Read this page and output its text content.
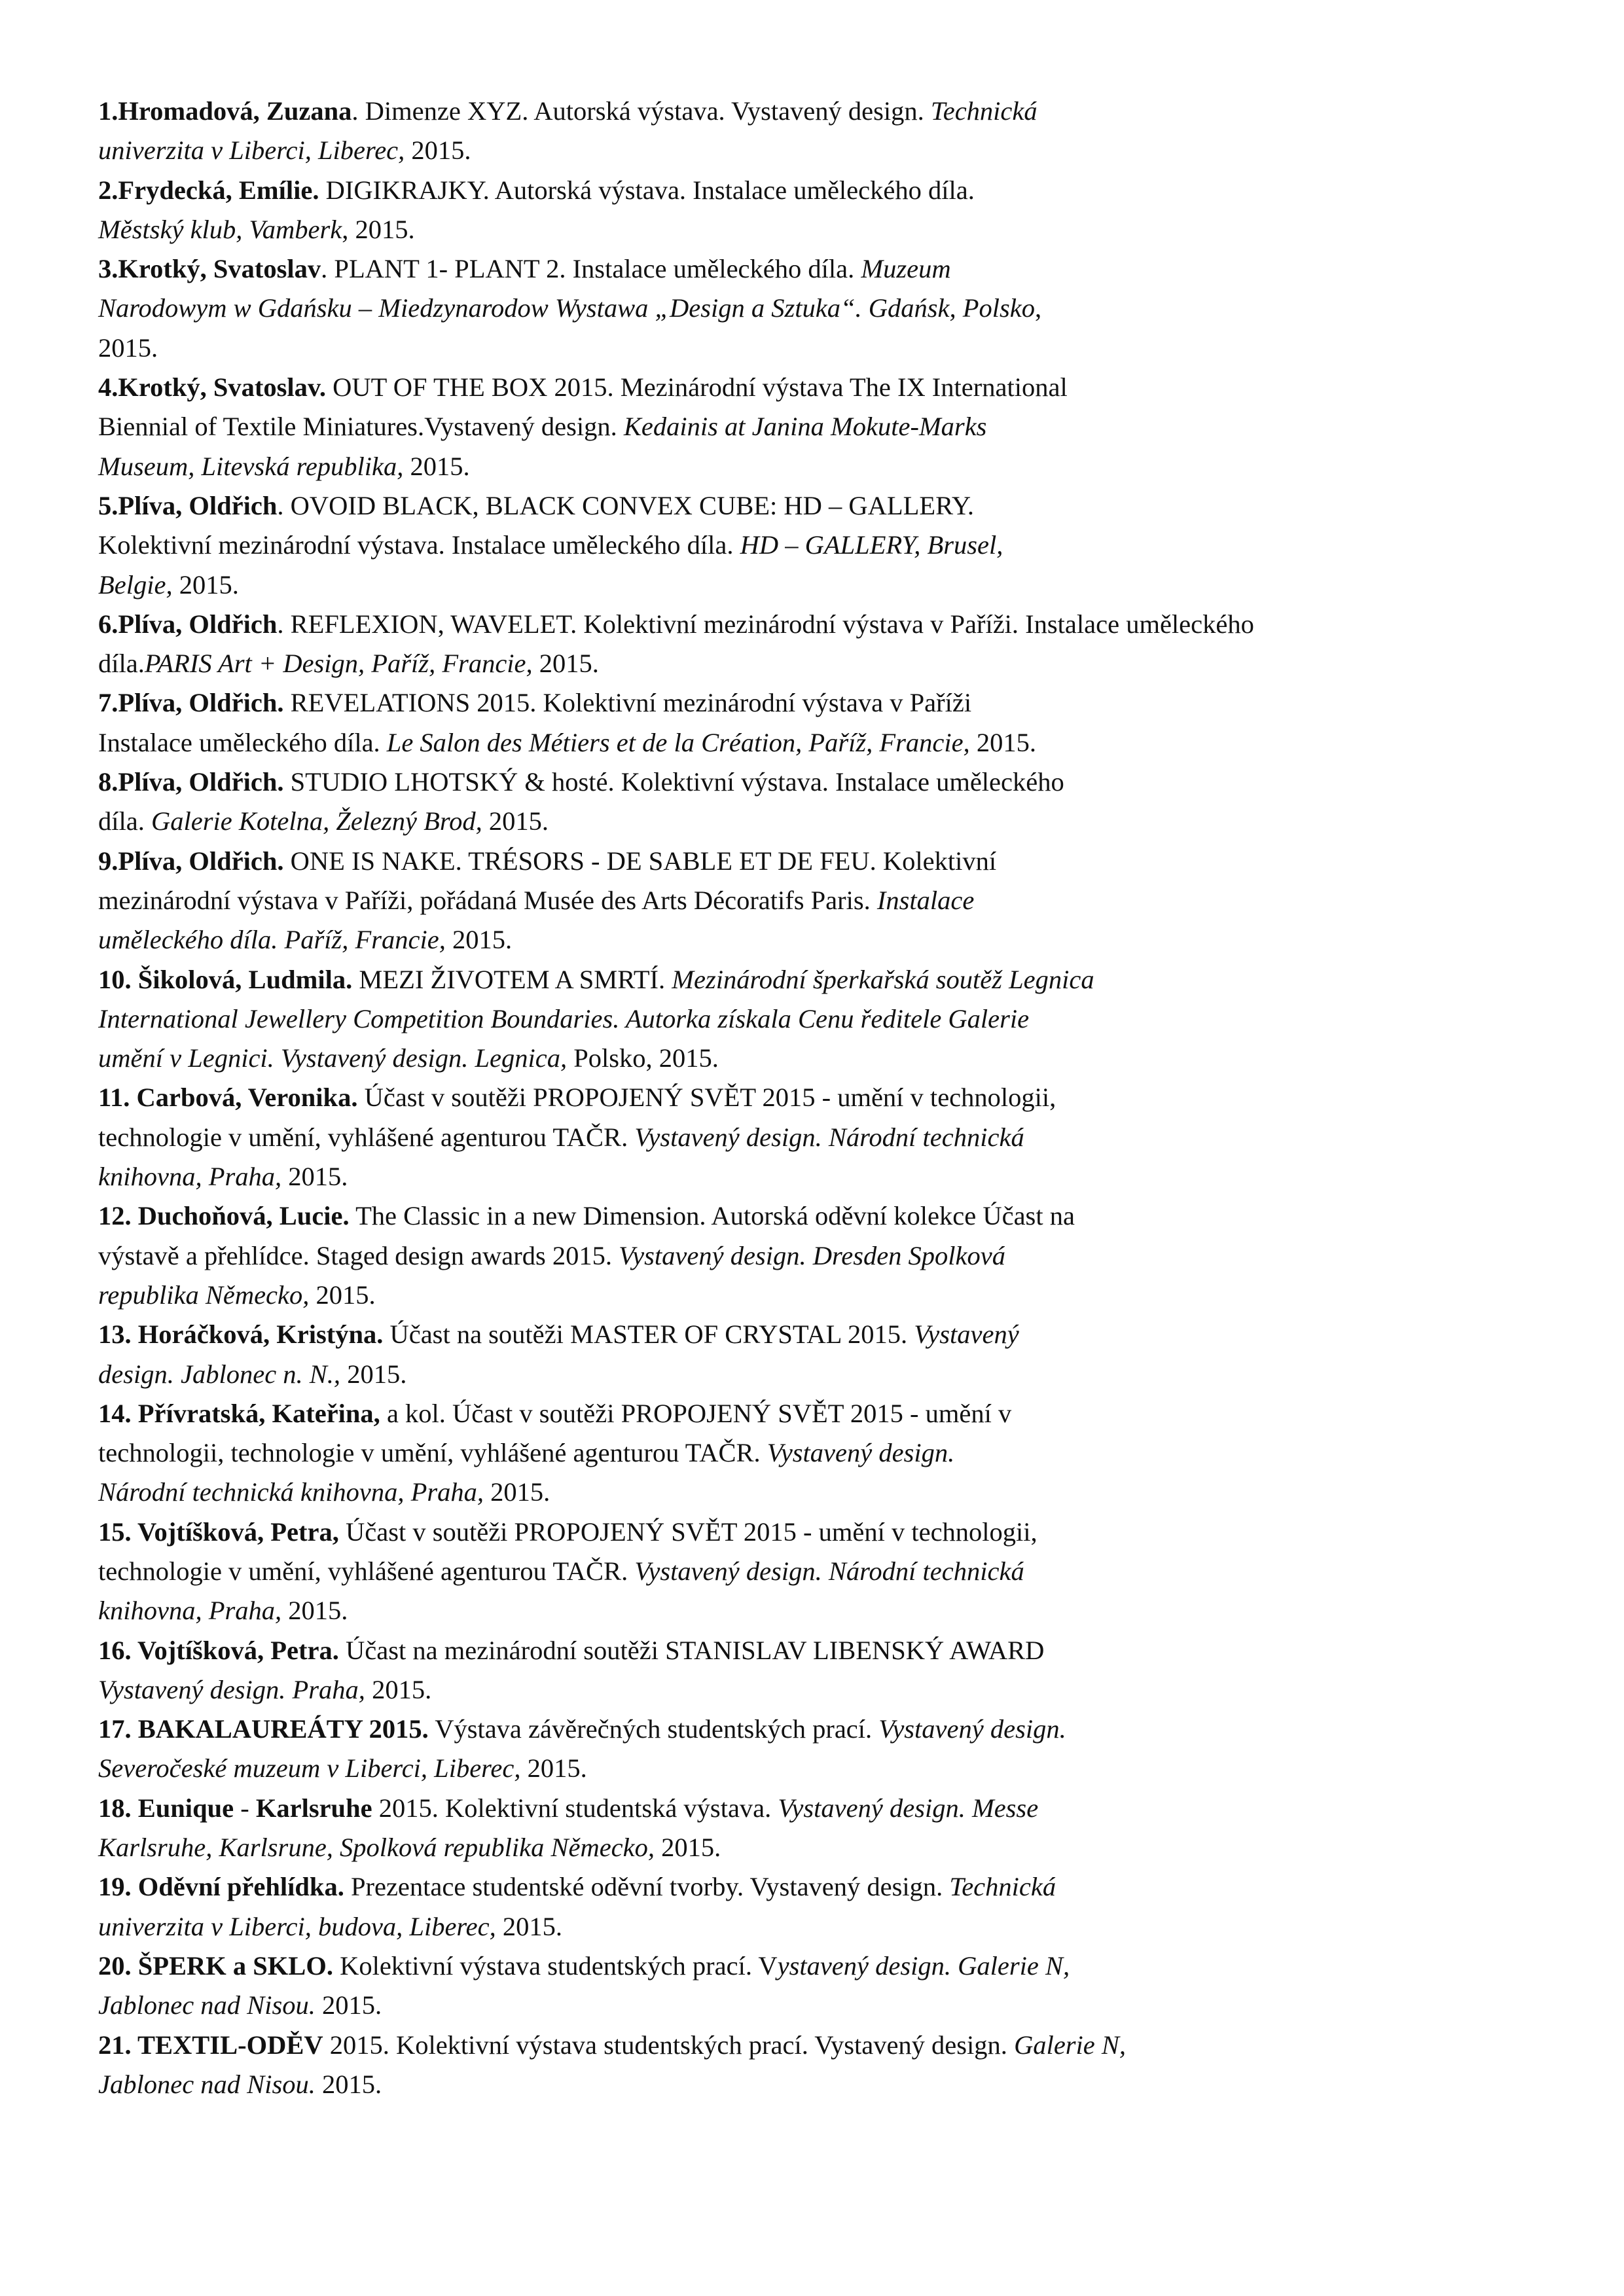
1.Hromadová, Zuzana. Dimenze XYZ. Autorská výstava. Vystavený design. Technická
univerzita v Liberci, Liberec, 2015.
2.Frydecká, Emílie. DIGIKRAJKY. Autorská výstava. Instalace uměleckého díla.
Městský klub, Vamberk, 2015.
3.Krotký, Svatoslav. PLANT 1- PLANT 2. Instalace uměleckého díla. Muzeum
Narodowym w Gdańsku – Miedzynarodow Wystawa „Design a Sztuka“. Gdańsk, Polsko,
2015.
4.Krotký, Svatoslav. OUT OF THE BOX 2015. Mezinárodní výstava The IX International
Biennial of Textile Miniatures.Vystavený design. Kedainis at Janina Mokute-Marks
Museum, Litevská republika, 2015.
5.Plíva, Oldřich. OVOID BLACK, BLACK CONVEX CUBE: HD – GALLERY.
Kolektivní mezinárodní výstava. Instalace uměleckého díla. HD – GALLERY, Brusel,
Belgie, 2015.
6.Plíva, Oldřich. REFLEXION, WAVELET. Kolektivní mezinárodní výstava v Paříži. Instalace uměleckého
díla.PARIS Art + Design, Paříž, Francie, 2015.
7.Plíva, Oldřich. REVELATIONS 2015. Kolektivní mezinárodní výstava v Paříži
Instalace uměleckého díla. Le Salon des Métiers et de la Création, Paříž, Francie, 2015.
8.Plíva, Oldřich. STUDIO LHOTSKÝ & hosté. Kolektivní výstava. Instalace uměleckého
díla. Galerie Kotelna, Železný Brod, 2015.
9.Plíva, Oldřich. ONE IS NAKE. TRÉSORS - DE SABLE ET DE FEU. Kolektivní
mezinárodní výstava v Paříži, pořádaná Musée des Arts Décoratifs Paris. Instalace
uměleckého díla. Paříž, Francie, 2015.
10. Šikolová, Ludmila. MEZI ŽIVOTEM A SMRTÍ. Mezinárodní šperkařská soutěž Legnica
International Jewellery Competition Boundaries. Autorka získala Cenu ředitele Galerie
umění v Legnici. Vystavený design. Legnica, Polsko, 2015.
11. Carbová, Veronika. Účast v soutěži PROPOJENÝ SVĚT 2015 - umění v technologii,
technologie v umění, vyhlášené agenturou TAČR. Vystavený design. Národní technická
knihovna, Praha, 2015.
12. Duchoňová, Lucie. The Classic in a new Dimension. Autorská oděvní kolekce Účast na
výstavě a přehlídce. Staged design awards 2015. Vystavený design. Dresden Spolková
republika Německo, 2015.
13. Horáčková, Kristýna. Účast na soutěži MASTER OF CRYSTAL 2015. Vystavený
design. Jablonec n. N., 2015.
14. Přívratská, Kateřina, a kol. Účast v soutěži PROPOJENÝ SVĚT 2015 - umění v
technologii, technologie v umění, vyhlášené agenturou TAČR. Vystavený design.
Národní technická knihovna, Praha, 2015.
15. Vojtíšková, Petra, Účast v soutěži PROPOJENÝ SVĚT 2015 - umění v technologii,
technologie v umění, vyhlášené agenturou TAČR. Vystavený design. Národní technická
knihovna, Praha, 2015.
16. Vojtíšková, Petra. Účast na mezinárodní soutěži STANISLAV LIBENSKÝ AWARD
Vystavený design. Praha, 2015.
17. BAKALAUREÁTY 2015. Výstava závěrečných studentských prací. Vystavený design.
Severočeské muzeum v Liberci, Liberec, 2015.
18. Eunique - Karlsruhe 2015. Kolektivní studentská výstava. Vystavený design. Messe
Karlsruhe, Karlsrune, Spolková republika Německo, 2015.
19. Oděvní přehlídka. Prezentace studentské oděvní tvorby. Vystavený design. Technická
univerzita v Liberci, budova, Liberec, 2015.
20. ŠPERK a SKLO. Kolektivní výstava studentských prací. Vystavený design. Galerie N,
Jablonec nad Nisou. 2015.
21. TEXTIL-ODĚV 2015. Kolektivní výstava studentských prací. Vystavený design. Galerie N,
Jablonec nad Nisou. 2015.
